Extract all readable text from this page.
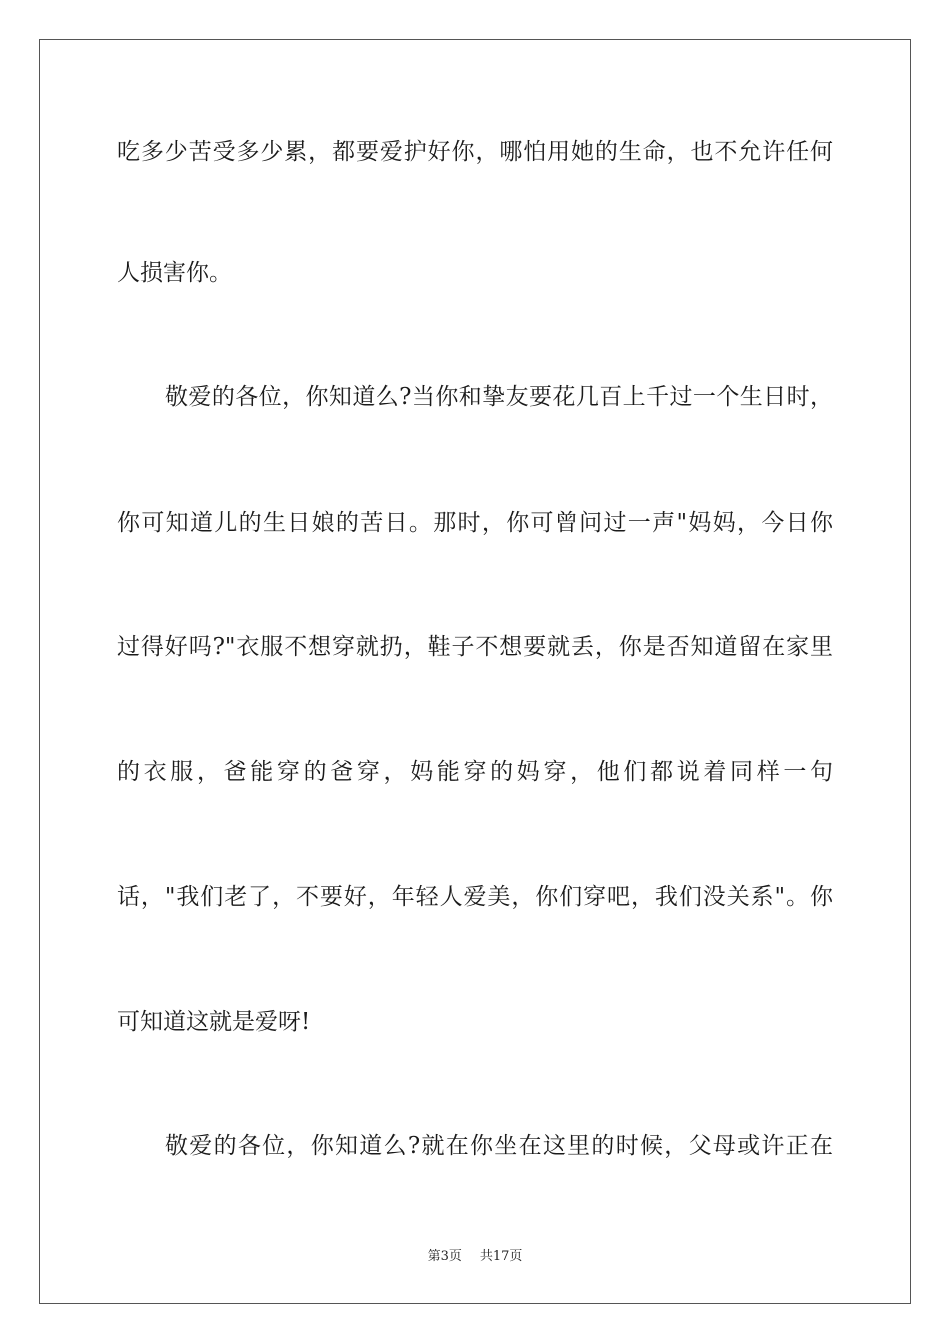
吃多少苦受多少累，都要爱护好你，哪怕用她的生命，也不允许任何

人损害你。

敬爱的各位，你知道么?当你和挚友要花几百上千过一个生日时，

你可知道儿的生日娘的苦日。那时，你可曾问过一声"妈妈，今日你

过得好吗?"衣服不想穿就扔，鞋子不想要就丢，你是否知道留在家里

的衣服，爸能穿的爸穿，妈能穿的妈穿，他们都说着同样一句

话，"我们老了，不要好，年轻人爱美，你们穿吧，我们没关系"。你

可知道这就是爱呀!

敬爱的各位，你知道么?就在你坐在这里的时候，父母或许正在

第3页 共17页
